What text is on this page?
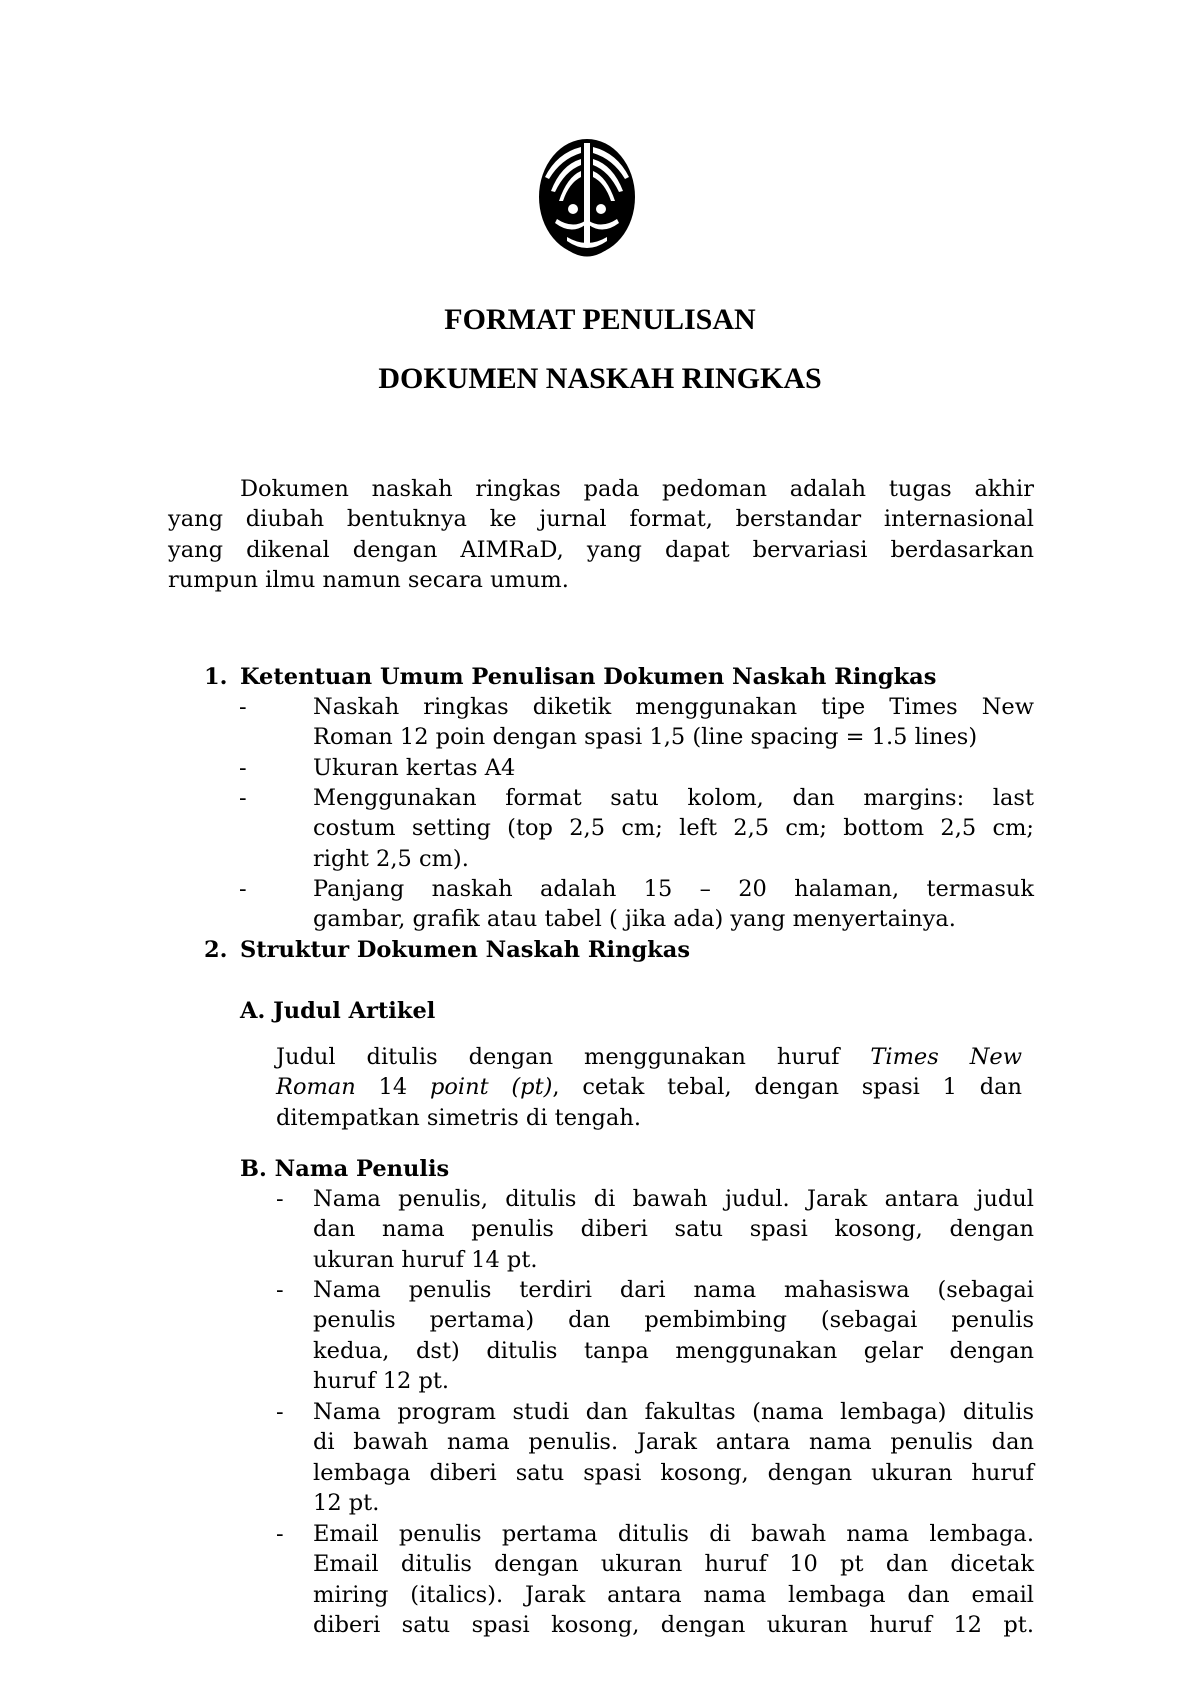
FORMAT PENULISAN
DOKUMEN NASKAH RINGKAS
Dokumen naskah ringkas pada pedoman adalah tugas akhir
yang diubah bentuknya ke jurnal format, berstandar internasional
yang dikenal dengan AIMRaD, yang dapat bervariasi berdasarkan
rumpun ilmu namun secara umum.
1. Ketentuan Umum Penulisan Dokumen Naskah Ringkas
-	Naskah ringkas diketik menggunakan tipe Times New
Roman 12 poin dengan spasi 1,5 (line spacing = 1.5 lines)
-	Ukuran kertas A4
-	Menggunakan format satu kolom, dan margins: last
costum setting (top 2,5 cm; left 2,5 cm; bottom 2,5 cm;
right 2,5 cm).
-	Panjang naskah adalah 15 – 20 halaman, termasuk
gambar, grafik atau tabel ( jika ada) yang menyertainya.
2. Struktur Dokumen Naskah Ringkas
A. Judul Artikel
Judul ditulis dengan menggunakan huruf Times New
Roman 14 point (pt), cetak tebal, dengan spasi 1 dan
ditempatkan simetris di tengah.
B. Nama Penulis
- Nama penulis, ditulis di bawah judul. Jarak antara judul
dan nama penulis diberi satu spasi kosong, dengan
ukuran huruf 14 pt.
- Nama penulis terdiri dari nama mahasiswa (sebagai
penulis pertama) dan pembimbing (sebagai penulis
kedua, dst) ditulis tanpa menggunakan gelar dengan
huruf 12 pt.
- Nama program studi dan fakultas (nama lembaga) ditulis
di bawah nama penulis. Jarak antara nama penulis dan
lembaga diberi satu spasi kosong, dengan ukuran huruf
12 pt.
- Email penulis pertama ditulis di bawah nama lembaga.
Email ditulis dengan ukuran huruf 10 pt dan dicetak
miring (italics). Jarak antara nama lembaga dan email
diberi satu spasi kosong, dengan ukuran huruf 12 pt.
